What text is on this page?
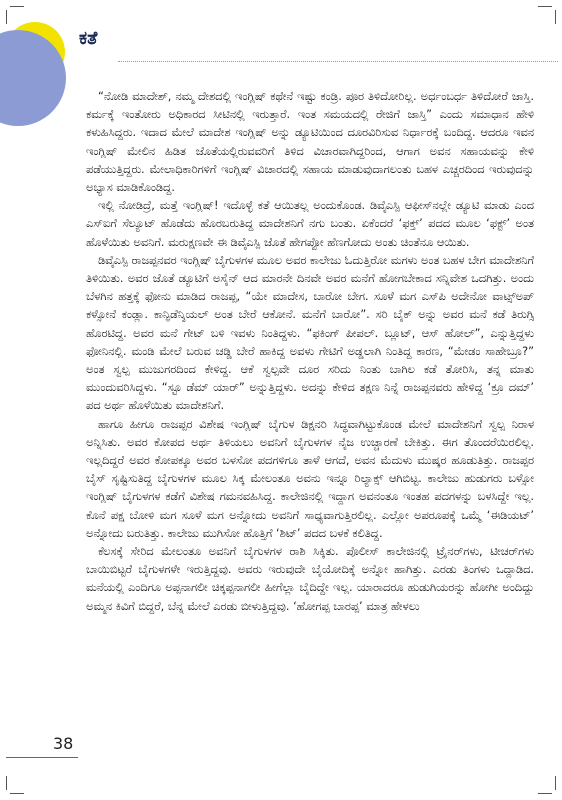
ಕತೆ

“ನೋಡಿ ಮಾದೇಶ್, ನಮ್ಮ ದೇಶದಲ್ಲಿ ಇಂಗ್ಲಿಷ್ ಕಥೇನೆ ಇಷ್ಟು ಕಂಡ್ರಿ. ಪೂರ ತಿಳಿದೋರಿಲ್ಲ. ಅರ್ಧಂಬರ್ಧ ತಿಳಿದೋರೆ ಜಾಸ್ತಿ. ಕರ್ಮಕ್ಕೆ ಇಂತೋರು ಅಧಿಕಾರದ ಸೀಟಿನಲ್ಲಿ ಇರುತ್ತಾರೆ. ಇಂತ ಸಮಯದಲ್ಲಿ ರೇಜಿಗೆ ಜಾಸ್ತಿ” ಎಂದು ಸಮಾಧಾನ ಹೇಳಿ ಕಳುಹಿಸಿದ್ದರು. ಇದಾದ ಮೇಲೆ ಮಾದೇಶ ಇಂಗ್ಲಿಷ್ ಅನ್ನು ಡ್ಯೂಟಿಯಿಂದ ದೂರವಿರಿಸುವ ನಿರ್ಧಾರಕ್ಕೆ ಬಂದಿದ್ದ. ಆದರೂ ಇವನ ಇಂಗ್ಲಿಷ್ ಮೇಲಿನ ಹಿಡಿತ ಜೊತೆಯಲ್ಲಿರುವವರಿಗೆ ತಿಳಿದ ವಿಚಾರವಾಗಿದ್ದರಿಂದ, ಆಗಾಗ ಅವನ ಸಹಾಯವನ್ನು ಕೇಳಿ ಪಡೆಯುತ್ತಿದ್ದರು. ಮೇಲಾಧಿಕಾರಿಗಳಿಗೆ ಇಂಗ್ಲಿಷ್ ವಿಚಾರದಲ್ಲಿ ಸಹಾಯ ಮಾಡುವುದಾಗಲಂತು ಬಹಳ ಎಚ್ಚರದಿಂದ ಇರುವುದನ್ನು ಅಭ್ಯಾಸ ಮಾಡಿಕೊಂಡಿದ್ದ.

ಇಲ್ಲಿ ನೋಡಿದ್ರೆ, ಮತ್ತೆ ಇಂಗ್ಲಿಷ್! ಇದೊಳ್ಳೆ ಕತೆ ಆಯಿತಲ್ಲ ಅಂದುಕೊಂಡ. ಡಿವೈಎಸ್ಪಿ ಆಫೀಸ್‌ನಲ್ಲೇ ಡ್ಯೂಟಿ ಮಾಡು ಎಂದ ಎಸ್‌ಐಗೆ ಸೆಲ್ಯೂಟ್ ಹೊಡೆದು ಹೊರಬರುತಿದ್ದ ಮಾದೇಶನಿಗೆ ನಗು ಬಂತು. ಏಕೆಂದರೆ ‘ಫಕ್ತ್’ ಪದದ ಮೂಲ ‘ಫಕ್ಟ್’ ಅಂತ ಹೊಳೆಯಿತು ಅವನಿಗೆ. ಮರುಕ್ಷಣವೇ ಈ ಡಿವೈಎಸ್ಪಿ ಜೊತೆ ಹೇಗಪ್ಪೋ ಹೆಣಗೋದು ಅಂತು ಚಿಂತೆನೂ ಆಯಿತು.

ಡಿವೈಎಸ್ಪಿ ರಾಜಪ್ಪನವರ ಇಂಗ್ಲಿಷ್ ಬೈಗುಳಗಳ ಮೂಲ ಅವರ ಕಾಲೇಜು ಓದುತ್ತಿರೋ ಮಗಳು ಅಂತ ಬಹಳ ಬೇಗ ಮಾದೇಶನಿಗೆ ತಿಳಿಯಿತು. ಅವರ ಜೊತೆ ಡ್ಯೂಟಿಗೆ ಅಸೈನ್ ಆದ ಮಾರನೇ ದಿನವೇ ಅವರ ಮನೆಗೆ ಹೋಗಬೇಕಾದ ಸನ್ನಿವೇಶ ಒದಗಿತ್ತು. ಅಂದು ಬೆಳಗಿನ ಹತ್ತಕ್ಕೆ ಫೋನು ಮಾಡಿದ ರಾಜಪ್ಪ, “ಯೇ ಮಾದೇಸ, ಬಾರೋ ಬೇಗ. ಸೂಳೆ ಮಗ ಎಸ್‌ಪಿ ಅದೇನೋ ವಾಟ್ಸ್‌ಅಪ್ ಕಳ್ಸೋನೆ ಕಂಡ್ಲಾ. ಕಾನ್ಫಿಡೆನ್ಶಿಯಲ್ ಅಂತ ಬೇರೆ ಆಕೋನೆ. ಮನೆಗೆ ಬಾರೋ”. ಸರಿ ಬೈಕ್ ಅನ್ನು ಅವರ ಮನೆ ಕಡೆ ತಿರುಗ್ಸಿ ಹೊರಟಿದ್ದ. ಅವರ ಮನೆ ಗೇಟ್ ಬಳಿ ಇವಳು ನಿಂತಿದ್ದಳು. “ಫಕಿಂಗ್ ಪೀಪಲ್. ಬ್ಲೂಟ್, ಆಸ್ ಹೋಲ್”, ಎನ್ನುತ್ತಿದ್ದಳು ಫೋನಿನಲ್ಲಿ. ಮಂಡಿ ಮೇಲೆ ಬರುವ ಚಡ್ಡಿ ಬೇರೆ ಹಾಕಿದ್ದ ಅವಳು ಗೇಟಿಗೆ ಅಡ್ಡಲಾಗಿ ನಿಂತಿದ್ದ ಕಾರಣ, “ಮೇಡಂ ಸಾಹೇಬ್ರೂ?” ಅಂತ ಸ್ವಲ್ಪ ಮುಜುಗರದಿಂದ ಕೇಳಿದ್ದ. ಆಕೆ ಸ್ವಲ್ಪವೇ ದೂರ ಸರಿದು ನಿಂತು ಬಾಗಿಲ ಕಡೆ ತೋರಿಸಿ, ತನ್ನ ಮಾತು ಮುಂದುವರಿಸಿದ್ದಳು. “ಸ್ಟೂ ಡೆಮ್ ಯಾರ್” ಅನ್ನುತ್ತಿದ್ದಳು. ಅದನ್ನು ಕೇಳಿದ ತಕ್ಷಣ ನಿನ್ನೆ ರಾಜಪ್ಪನವರು ಹೇಳಿದ್ದ ‘ಕ್ರೂ ದಮ್’ ಪದ ಅರ್ಥ ಹೊಳೆಯಿತು ಮಾದೇಶನಿಗೆ.

ಹಾಗೂ ಹೀಗೂ ರಾಜಪ್ಪರ ವಿಶೇಷ ಇಂಗ್ಲಿಷ್ ಬೈಗುಳ ಡಿಕ್ಷನರಿ ಸಿದ್ಧವಾಗಿಟ್ಟುಕೊಂಡ ಮೇಲೆ ಮಾದೇಶನಿಗೆ ಸ್ವಲ್ಪ ನಿರಾಳ ಅನ್ನಿಸಿತು. ಅವರ ಕೋಪದ ಅರ್ಥ ತಿಳಿಯಲು ಅವನಿಗೆ ಬೈಗುಳಗಳ ನೈಜ ಉಚ್ಚಾರಣೆ ಬೇಕಿತ್ತು. ಈಗ ತೊಂದರೆಯಿರಲಿಲ್ಲ. ಇಲ್ಲದಿದ್ದರೆ ಅವರ ಕೋಪಕ್ಕೂ ಅವರ ಬಳಸೋ ಪದಗಳಿಗೂ ತಾಳೆ ಆಗದೆ, ಅವನ ಮೆದುಳು ಮುಷ್ಕರ ಹೂಡುತಿತ್ತು. ರಾಜಪ್ಪರ ಬೈಸ್ ಸೃಷ್ಟಿಸುತಿದ್ದ ಬೈಗುಳಗಳ ಮೂಲ ಸಿಕ್ಕ ಮೇಲಂತೂ ಅವನು ಇನ್ನೂ ರಿಲ್ಯಾಕ್ಸ್ ಆಗಿಬಿಟ್ಟ. ಕಾಲೇಜು ಹುಡುಗರು ಬಳ್ಸೋ ಇಂಗ್ಲಿಷ್ ಬೈಗುಳಗಳ ಕಡೆಗೆ ವಿಶೇಷ ಗಮನವಹಿಸಿದ್ದ. ಕಾಲೇಜಿನಲ್ಲಿ ಇದ್ದಾಗ ಅವನಂತೂ ಇಂತಹ ಪದಗಳನ್ನು ಬಳಸಿದ್ದೇ ಇಲ್ಲ. ಕೊನೆ ಪಕ್ಷ ಬೋಳಿ ಮಗ ಸೂಳೆ ಮಗ ಅನ್ನೋದು ಅವನಿಗೆ ಸಾಧ್ಯವಾಗುತ್ತಿರಲಿಲ್ಲ. ಎಲ್ಲೋ ಅಪರೂಪಕ್ಕೆ ಒಮ್ಮೆ ‘ಈಡಿಯಟ್’ ಅನ್ನೋದು ಬರುತಿತ್ತು. ಕಾಲೇಜು ಮುಗಿಸೋ ಹೊತ್ತಿಗೆ ‘ಶಿಟ್’ ಪದದ ಬಳಕೆ ಕಲಿತಿದ್ದ.

ಕೆಲಸಕ್ಕೆ ಸೇರಿದ ಮೇಲಂತೂ ಅವನಿಗೆ ಬೈಗುಳಗಳ ರಾಶಿ ಸಿಕ್ಕಿತು. ಪೊಲೀಸ್ ಕಾಲೇಜಿನಲ್ಲಿ ಟ್ರೈನರ್‌ಗಳು, ಟೀಚರ್‌ಗಳು ಬಾಯಿಬಿಟ್ಟರೆ ಬೈಗುಳಗಳೇ ಇರುತ್ತಿದ್ದವು. ಅವರು ಇರುವುದೇ ಬೈಯೋದಿಕ್ಕೆ ಅನ್ನೋ ಹಾಗಿತ್ತು. ಎರಡು ತಿಂಗಳು ಒದ್ದಾಡಿದ. ಮನೆಯಲ್ಲಿ ಎಂದಿಗೂ ಅಪ್ಪನಾಗಲೀ ಚಿಕ್ಕಪ್ಪನಾಗಲೀ ಹೀಗೆಲ್ಲಾ ಬೈದಿದ್ದೇ ಇಲ್ಲ. ಯಾರಾದರೂ ಹುಡುಗಿಯರನ್ನು ಹೋಗೀ ಅಂದಿದ್ದು ಅಮ್ಮನ ಕಿವಿಗೆ ಬಿದ್ದರೆ, ಬೆನ್ನ ಮೇಲೆ ಎರಡು ಬೀಳುತ್ತಿದ್ದವು. ‘ಹೋಗಪ್ಪ ಬಾರಪ್ಪ’ ಮಾತ್ರ ಹೇಳಲು

38
